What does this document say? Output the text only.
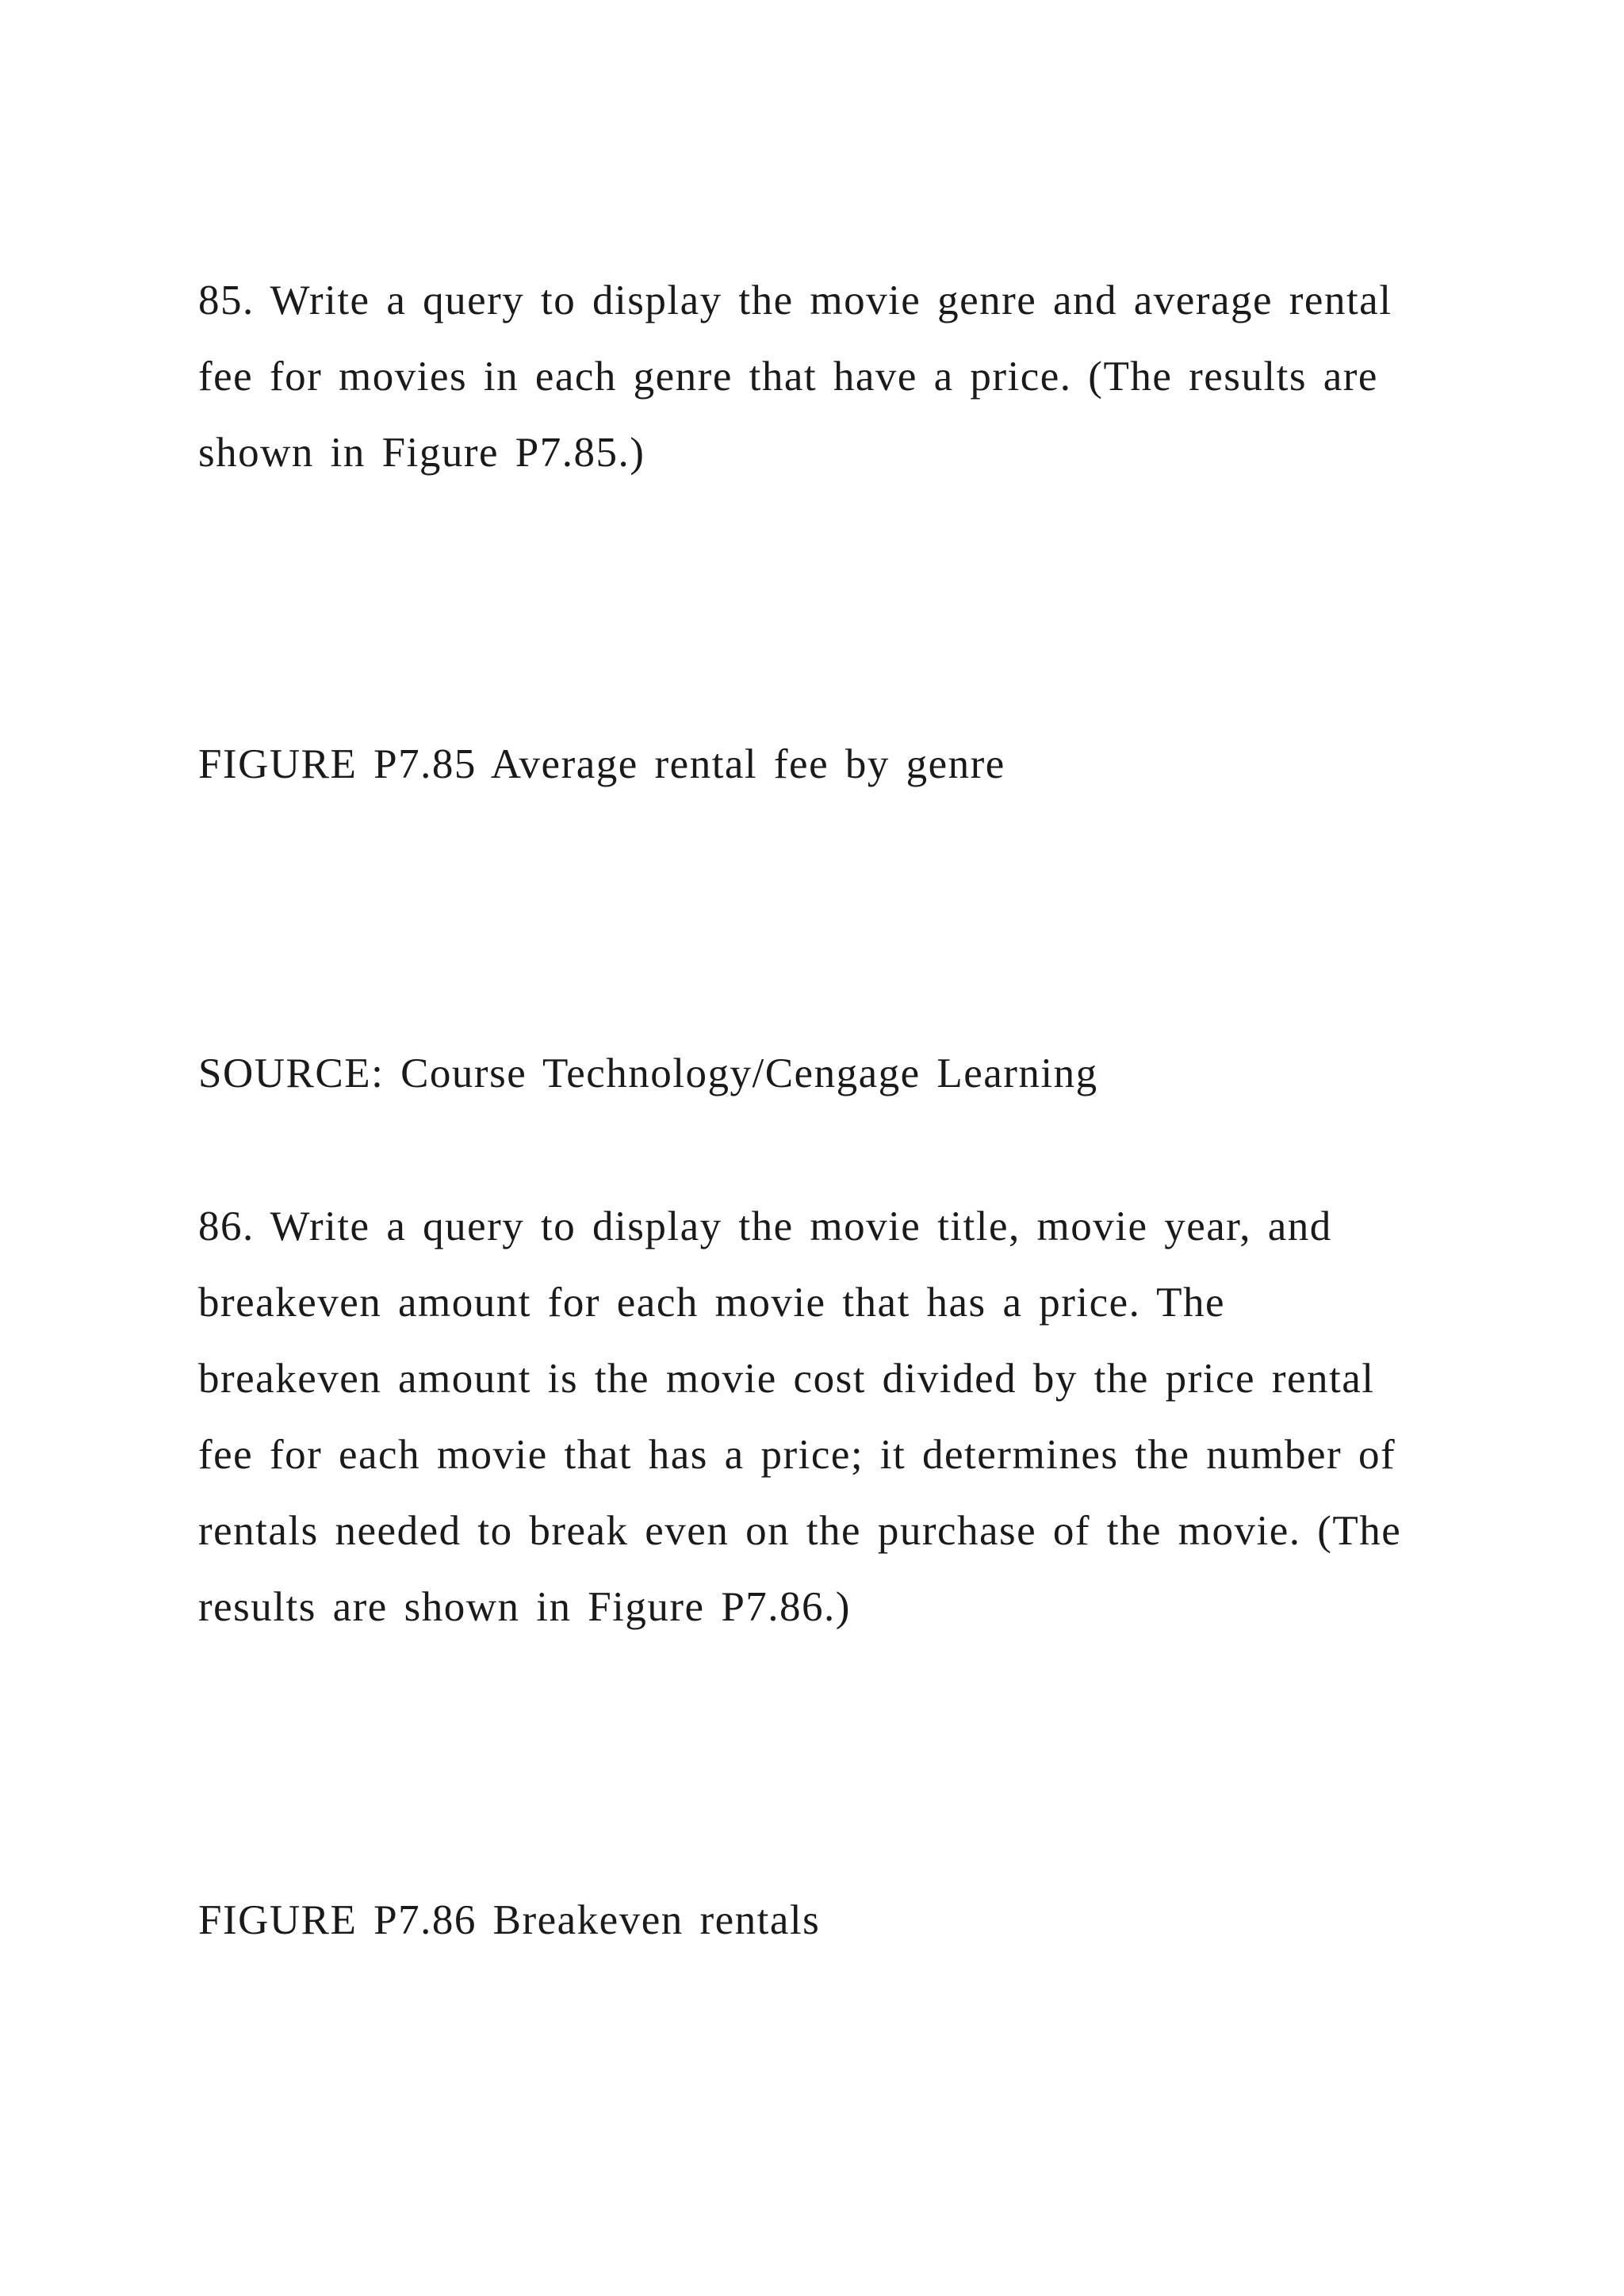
85. Write a query to display the movie genre and average rental
fee for movies in each genre that have a price. (The results are
shown in Figure P7.85.)
FIGURE P7.85 Average rental fee by genre
SOURCE: Course Technology/Cengage Learning
86. Write a query to display the movie title, movie year, and
breakeven amount for each movie that has a price. The
breakeven amount is the movie cost divided by the price rental
fee for each movie that has a price; it determines the number of
rentals needed to break even on the purchase of the movie. (The
results are shown in Figure P7.86.)
FIGURE P7.86 Breakeven rentals
